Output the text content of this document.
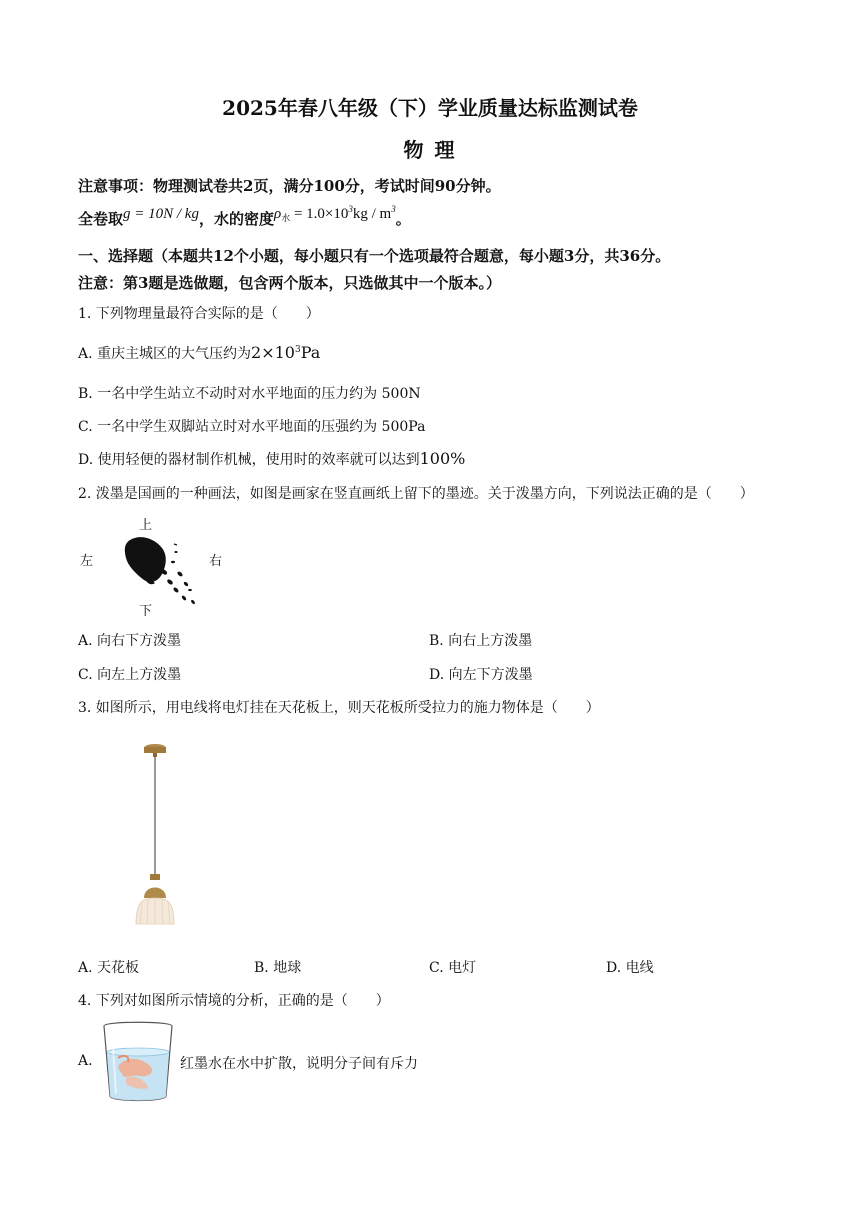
2025年春八年级（下）学业质量达标监测试卷
物 理
注意事项：物理测试卷共2页，满分100分，考试时间90分钟。
全卷取g = 10N / kg，水的密度$\rho_水 = 1.0\times 10^3kg / m^3$。
一、选择题（本题共12个小题，每小题只有一个选项最符合题意，每小题3分，共36分。
注意：第3题是选做题，包含两个版本，只选做其中一个版本。）
1. 下列物理量最符合实际的是（　　）
A. 重庆主城区的大气压约为$2\times 10^3Pa$
B. 一名中学生站立不动时对水平地面的压力约为 500N
C. 一名中学生双脚站立时对水平地面的压强约为 500Pa
D. 使用轻便的器材制作机械，使用时的效率就可以达到100%
2. 泼墨是国画的一种画法，如图是画家在竖直画纸上留下的墨迹。关于泼墨方向，下列说法正确的是（　　）
上
左	右
下
A. 向右下方泼墨	B. 向右上方泼墨
C. 向左上方泼墨	D. 向左下方泼墨
3. 如图所示，用电线将电灯挂在天花板上，则天花板所受拉力的施力物体是（　　）
A. 天花板	B. 地球	C. 电灯	D. 电线
4. 下列对如图所示情境的分析，正确的是（　　）
A.	红墨水在水中扩散，说明分子间有斥力
